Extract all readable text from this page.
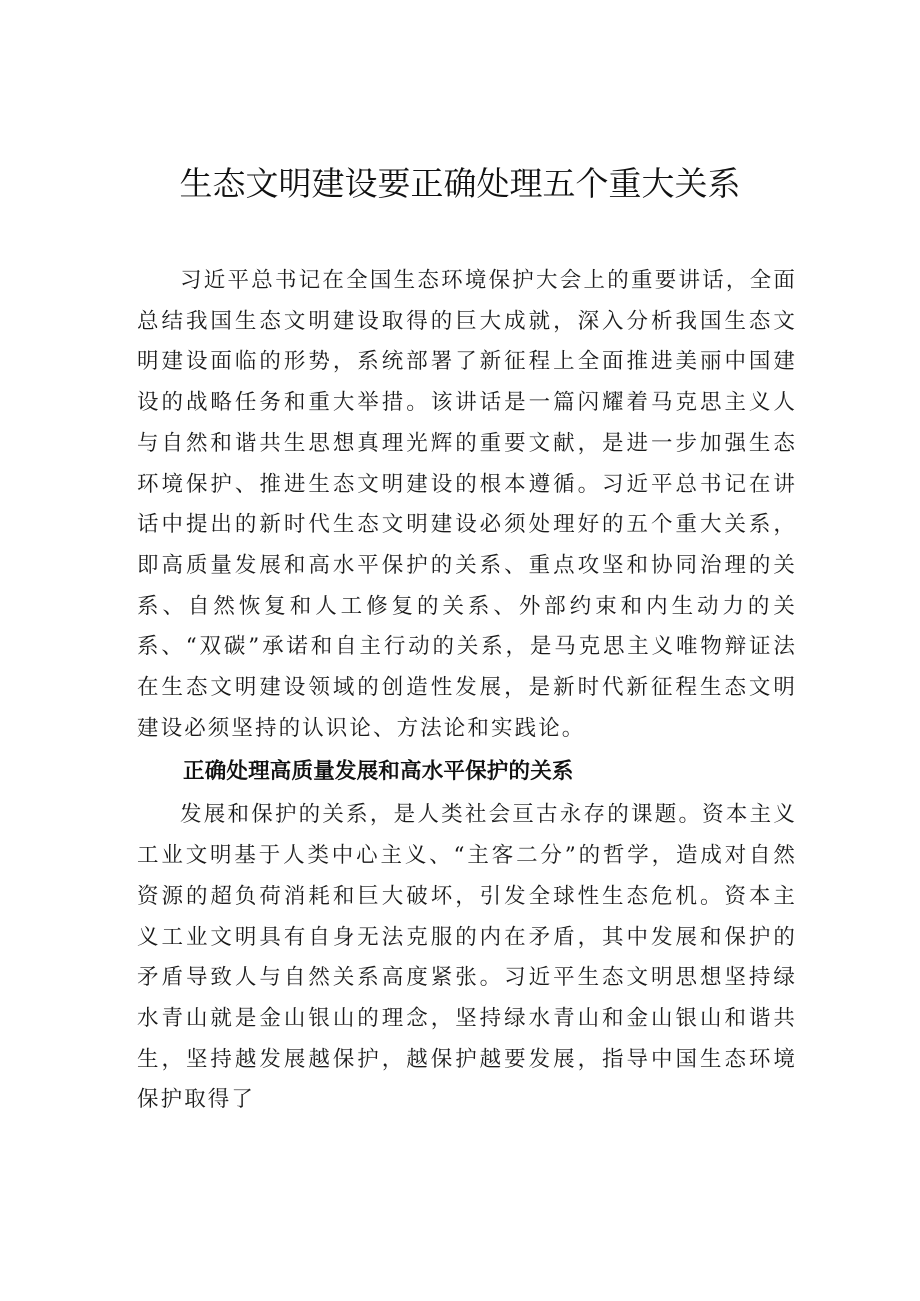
生态文明建设要正确处理五个重大关系

习近平总书记在全国生态环境保护大会上的重要讲话，全面总结我国生态文明建设取得的巨大成就，深入分析我国生态文明建设面临的形势，系统部署了新征程上全面推进美丽中国建设的战略任务和重大举措。该讲话是一篇闪耀着马克思主义人与自然和谐共生思想真理光辉的重要文献，是进一步加强生态环境保护、推进生态文明建设的根本遵循。习近平总书记在讲话中提出的新时代生态文明建设必须处理好的五个重大关系，即高质量发展和高水平保护的关系、重点攻坚和协同治理的关系、自然恢复和人工修复的关系、外部约束和内生动力的关系、“双碳”承诺和自主行动的关系，是马克思主义唯物辩证法在生态文明建设领域的创造性发展，是新时代新征程生态文明建设必须坚持的认识论、方法论和实践论。

正确处理高质量发展和高水平保护的关系

发展和保护的关系，是人类社会亘古永存的课题。资本主义工业文明基于人类中心主义、“主客二分”的哲学，造成对自然资源的超负荷消耗和巨大破坏，引发全球性生态危机。资本主义工业文明具有自身无法克服的内在矛盾，其中发展和保护的矛盾导致人与自然关系高度紧张。习近平生态文明思想坚持绿水青山就是金山银山的理念，坚持绿水青山和金山银山和谐共生，坚持越发展越保护，越保护越要发展，指导中国生态环境保护取得了
